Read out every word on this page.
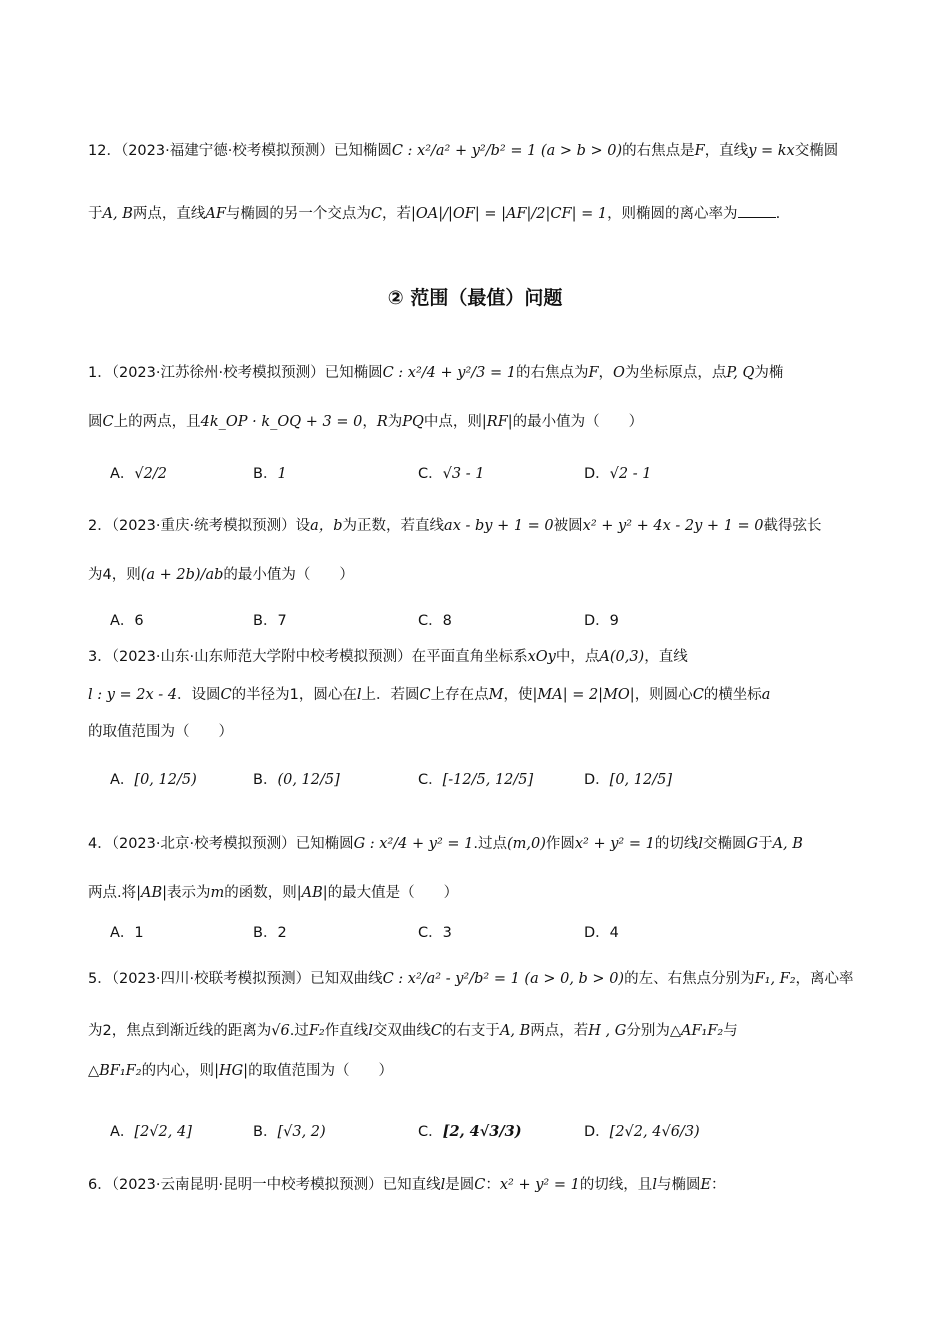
12．（2023·福建宁德·校考模拟预测）已知椭圆C : x²/a² + y²/b² = 1 (a > b > 0)的右焦点是F，直线y = kx交椭圆
于A, B两点，直线AF与椭圆的另一个交点为C，若|OA|/|OF| = |AF|/2|CF| = 1，则椭圆的离心率为	.
② 范围（最值）问题
1．（2023·江苏徐州·校考模拟预测）已知椭圆C : x²/4 + y²/3 = 1的右焦点为F，O为坐标原点，点P, Q为椭
圆C上的两点，且4k_OP · k_OQ + 3 = 0，R为PQ中点，则|RF|的最小值为（　　）
A．√2/2	B．1	C．√3 - 1	D．√2 - 1
2．（2023·重庆·统考模拟预测）设a，b为正数，若直线ax - by + 1 = 0被圆x² + y² + 4x - 2y + 1 = 0截得弦长
为4，则(a + 2b)/ab的最小值为（　　）
A．6	B．7	C．8	D．9
3．（2023·山东·山东师范大学附中校考模拟预测）在平面直角坐标系xOy中，点A(0,3)，直线
l : y = 2x - 4．设圆C的半径为1，圆心在l上．若圆C上存在点M，使|MA| = 2|MO|，则圆心C的横坐标a
的取值范围为（　　）
A．[0, 12/5)	B．(0, 12/5]	C．[-12/5, 12/5]	D．[0, 12/5]
4．（2023·北京·校考模拟预测）已知椭圆G : x²/4 + y² = 1.过点(m,0)作圆x² + y² = 1的切线l交椭圆G于A, B
两点.将|AB|表示为m的函数，则|AB|的最大值是（　　）
A．1	B．2	C．3	D．4
5．（2023·四川·校联考模拟预测）已知双曲线C : x²/a² - y²/b² = 1 (a > 0, b > 0)的左、右焦点分别为F₁, F₂，离心率
为2，焦点到渐近线的距离为√6.过F₂作直线l交双曲线C的右支于A, B两点，若H , G分别为△AF₁F₂与
△BF₁F₂的内心，则|HG|的取值范围为（　　）
A．[2√2, 4]	B．[√3, 2)	C．[2, 4√3/3)	D．[2√2, 4√6/3)
6．（2023·云南昆明·昆明一中校考模拟预测）已知直线l是圆C：x² + y² = 1的切线，且l与椭圆E：
